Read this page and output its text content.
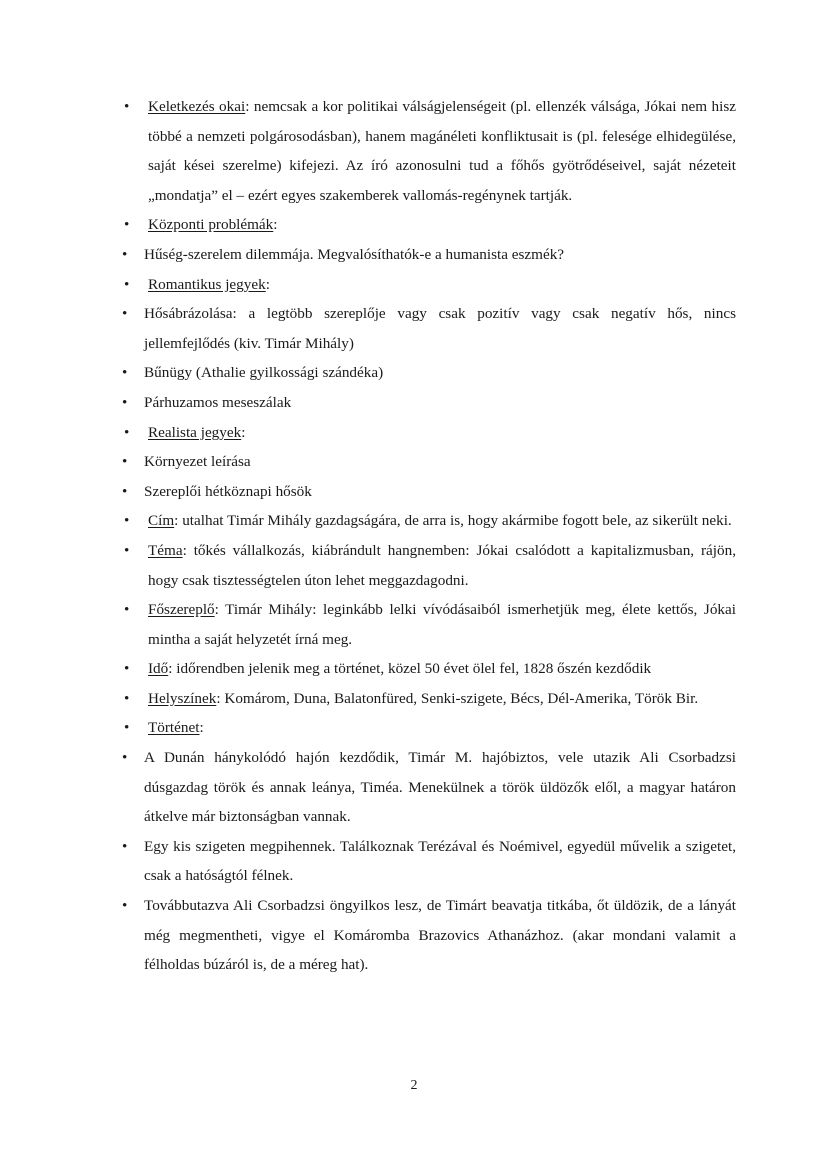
•	Keletkezés okai: nemcsak a kor politikai válságjelenségeit (pl. ellenzék válsága, Jókai nem hisz többé a nemzeti polgárosodásban), hanem magánéleti konfliktusait is (pl. felesége elhidegülése, saját kései szerelme) kifejezi. Az író azonosulni tud a főhős gyötrődéseivel, saját nézeteit „mondatja” el – ezért egyes szakemberek vallomás-regénynek tartják.
•	Központi problémák:
•	Hűség-szerelem dilemmája. Megvalósíthatók-e a humanista eszmék?
•	Romantikus jegyek:
•	Hősábrázolása: a legtöbb szereplője vagy csak pozitív vagy csak negatív hős, nincs jellemfejlődés (kiv. Timár Mihály)
•	Bűnügy (Athalie gyilkossági szándéka)
•	Párhuzamos meseszálak
•	Realista jegyek:
•	Környezet leírása
•	Szereplői hétköznapi hősök
•	Cím: utalhat Timár Mihály gazdagságára, de arra is, hogy akármibe fogott bele, az sikerült neki.
•	Téma: tőkés vállalkozás, kiábrándult hangnemben: Jókai csalódott a kapitalizmusban, rájön, hogy csak tisztességtelen úton lehet meggazdagodni.
•	Főszereplő: Timár Mihály: leginkább lelki vívódásaiból ismerhetjük meg, élete kettős, Jókai mintha a saját helyzetét írná meg.
•	Idő: időrendben jelenik meg a történet, közel 50 évet ölel fel, 1828 őszén kezdődik
•	Helyszínek: Komárom, Duna, Balatonfüred, Senki-szigete, Bécs, Dél-Amerika, Török Bir.
•	Történet:
•	A Dunán hánykolódó hajón kezdődik, Timár M. hajóbiztos, vele utazik Ali Csorbadzsi dúsgazdag török és annak leánya, Timéa. Menekülnek a török üldözők elől, a magyar határon átkelve már biztonságban vannak.
•	Egy kis szigeten megpihennek. Találkoznak Terézával és Noémivel, egyedül művelik a szigetet, csak a hatóságtól félnek.
•	Továbbutazva Ali Csorbadzsi öngyilkos lesz, de Timárt beavatja titkába, őt üldözik, de a lányát még megmentheti, vigye el Komáromba Brazovics Athanázhoz. (akar mondani valamit a félholdas búzáról is, de a méreg hat).
2
